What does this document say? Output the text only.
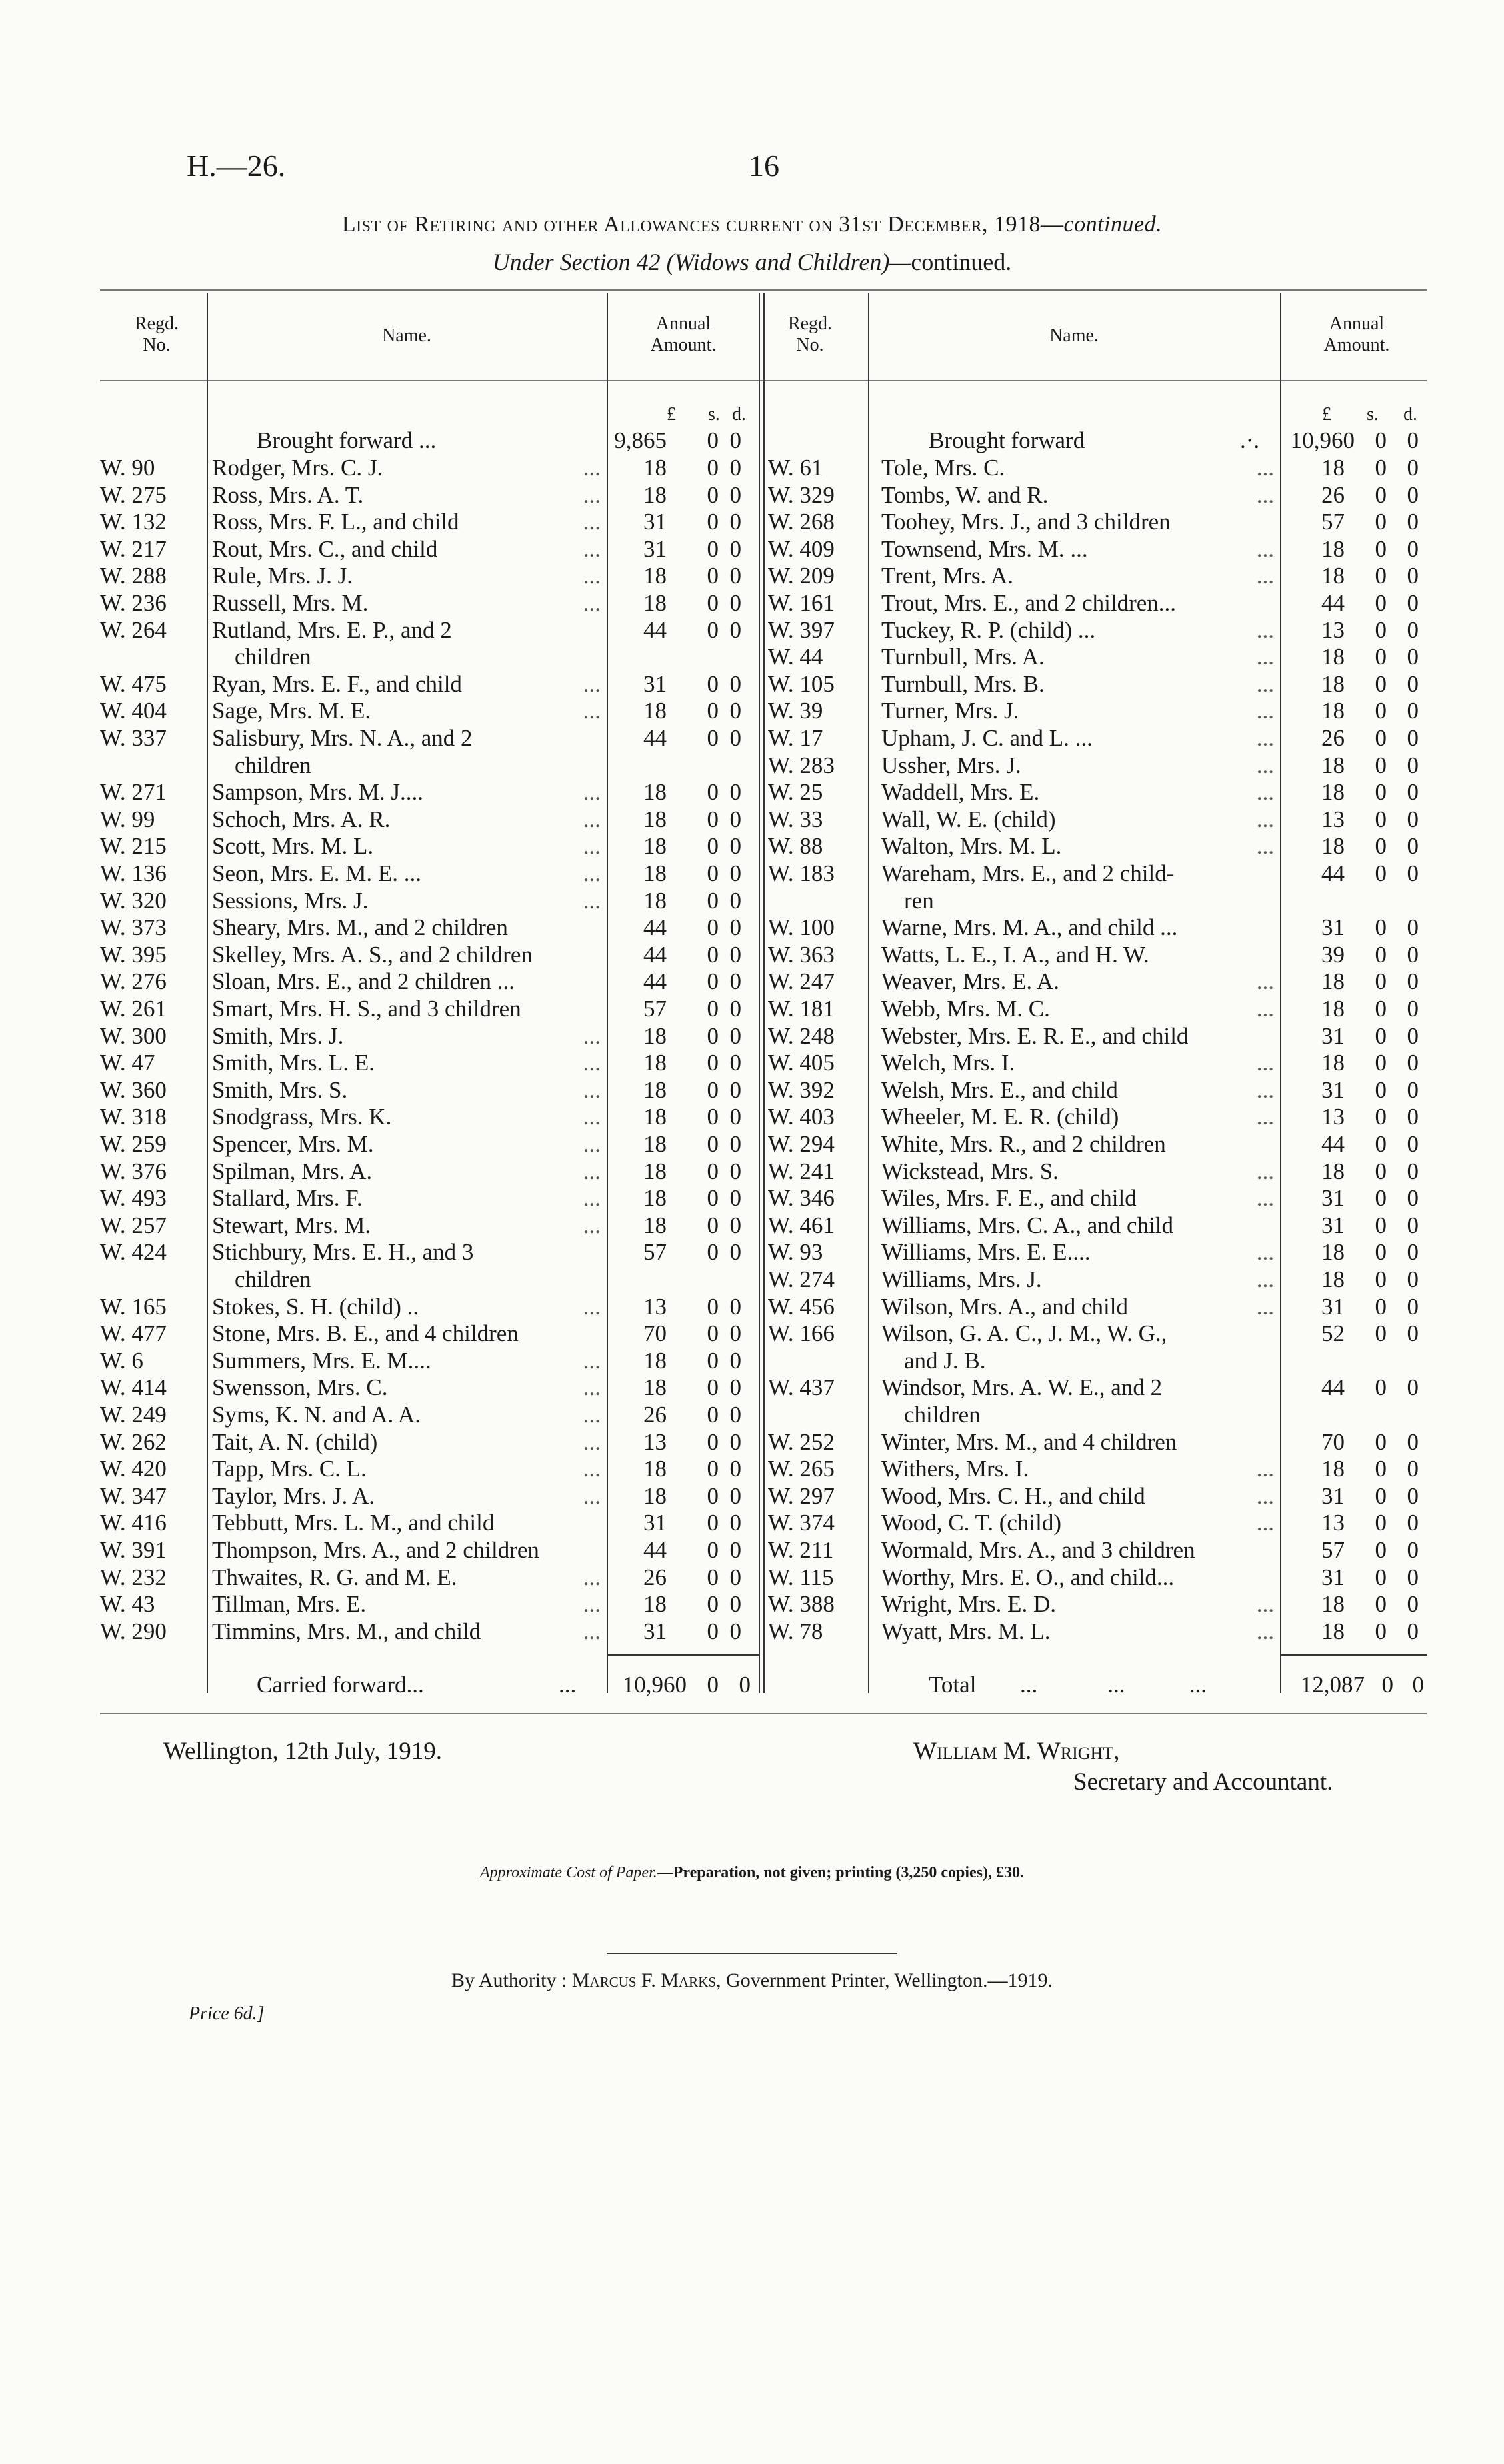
H.—26.	16
List of Retiring and other Allowances current on 31st December, 1918—continued.
Under Section 42 (Widows and Children)—continued.
Regd. No.	Name.
Annual Amount.
Regd. No.	Name.
Annual Amount.
£ s. d.	£ s. d.
Brought forward ...	9,865	0 0	Brought forward	.·.	10,960 0 0
W. 90 Rodger, Mrs. C. J.	...	18	0 0
W. 275 Ross, Mrs. A. T.	...	18	0 0
W. 132 Ross, Mrs. F. L., and child	...	31	0 0
W. 217 Rout, Mrs. C., and child	...	31	0 0
W. 288 Rule, Mrs. J. J.	...	18	0 0
W. 236 Russell, Mrs. M.	...	18	0 0
W. 264 Rutland, Mrs. E. P., and 2	44	0 0
children
W. 475 Ryan, Mrs. E. F., and child	...	31	0 0
W. 404 Sage, Mrs. M. E.	...	18	0 0
W. 337 Salisbury, Mrs. N. A., and 2	44	0 0
children
W. 271 Sampson, Mrs. M. J....	...	18	0 0
W. 99 Schoch, Mrs. A. R.	...	18	0 0
W. 215 Scott, Mrs. M. L.	...	18	0 0
W. 136 Seon, Mrs. E. M. E. ...	...	18	0 0
W. 320 Sessions, Mrs. J.	...	18	0 0
W. 373 Sheary, Mrs. M., and 2 children	44	0 0
W. 395 Skelley, Mrs. A. S., and 2 children	44	0 0
W. 276 Sloan, Mrs. E., and 2 children ...	44	0 0
W. 261 Smart, Mrs. H. S., and 3 children	57	0 0
W. 300 Smith, Mrs. J.	...	18	0 0
W. 47 Smith, Mrs. L. E.	...	18	0 0
W. 360 Smith, Mrs. S.	...	18	0 0
W. 318 Snodgrass, Mrs. K.	...	18	0 0
W. 259 Spencer, Mrs. M.	...	18	0 0
W. 376 Spilman, Mrs. A.	...	18	0 0
W. 493 Stallard, Mrs. F.	...	18	0 0
W. 257 Stewart, Mrs. M.	...	18	0 0
W. 424 Stichbury, Mrs. E. H., and 3	57	0 0
children
W. 165 Stokes, S. H. (child) ..	...	13	0 0
W. 477 Stone, Mrs. B. E., and 4 children	70	0 0
W. 6	Summers, Mrs. E. M....	...	18	0 0
W. 414 Swensson, Mrs. C.	...	18	0 0
W. 249 Syms, K. N. and A. A.	...	26	0 0
W. 262 Tait, A. N. (child)	...	13	0 0
W. 420 Tapp, Mrs. C. L.	...	18	0 0
W. 347 Taylor, Mrs. J. A.	...	18	0 0
W. 416 Tebbutt, Mrs. L. M., and child	31	0 0
W. 391 Thompson, Mrs. A., and 2 children	44	0 0
W. 232 Thwaites, R. G. and M. E.	...	26	0 0
W. 43 Tillman, Mrs. E.	...	18	0 0
W. 290 Timmins, Mrs. M., and child	...	31	0 0
W. 61	Tole, Mrs. C.	...	18	0 0
W. 329 Tombs, W. and R.	...	26	0 0
W. 268 Toohey, Mrs. J., and 3 children	57	0 0
W. 409 Townsend, Mrs. M. ...	...	18	0 0
W. 209 Trent, Mrs. A.	...	18	0 0
W. 161 Trout, Mrs. E., and 2 children...	44	0 0
W. 397 Tuckey, R. P. (child) ...	...	13	0 0
W. 44	Turnbull, Mrs. A.	...	18	0 0
W. 105 Turnbull, Mrs. B.	...	18	0 0
W. 39	Turner, Mrs. J.	...	18	0 0
W. 17	Upham, J. C. and L. ...	...	26	0 0
W. 283 Ussher, Mrs. J.	...	18	0 0
W. 25	Waddell, Mrs. E.	...	18	0 0
W. 33	Wall, W. E. (child)	...	13	0 0
W. 88	Walton, Mrs. M. L.	...	18	0 0
W. 183 Wareham, Mrs. E., and 2 child-	44	0 0
ren
W. 100 Warne, Mrs. M. A., and child ...	31	0 0
W. 363 Watts, L. E., I. A., and H. W.	39	0 0
W. 247 Weaver, Mrs. E. A.	...	18	0 0
W. 181 Webb, Mrs. M. C.	...	18	0 0
W. 248 Webster, Mrs. E. R. E., and child	31	0 0
W. 405 Welch, Mrs. I.	...	18	0 0
W. 392 Welsh, Mrs. E., and child	...	31	0 0
W. 403 Wheeler, M. E. R. (child)	...	13	0 0
W. 294 White, Mrs. R., and 2 children	44	0 0
W. 241 Wickstead, Mrs. S.	...	18	0 0
W. 346 Wiles, Mrs. F. E., and child	...	31	0 0
W. 461 Williams, Mrs. C. A., and child	31	0 0
W. 93	Williams, Mrs. E. E....	...	18	0 0
W. 274 Williams, Mrs. J.	...	18	0 0
W. 456 Wilson, Mrs. A., and child	...	31	0 0
W. 166 Wilson, G. A. C., J. M., W. G.,	52	0 0
and J. B.
W. 437 Windsor, Mrs. A. W. E., and 2	44	0 0
children
W. 252 Winter, Mrs. M., and 4 children	70	0 0
W. 265 Withers, Mrs. I.	...	18	0 0
W. 297 Wood, Mrs. C. H., and child	...	31	0 0
W. 374 Wood, C. T. (child)	...	13	0 0
W. 211 Wormald, Mrs. A., and 3 children	57	0 0
W. 115 Worthy, Mrs. E. O., and child...	31	0 0
W. 388 Wright, Mrs. E. D.	...	18	0 0
W. 78	Wyatt, Mrs. M. L.	...	18	0 0
Carried forward...	...	10,960 0 0	Total ...            ...           ...	12,087 0 0
Wellington, 12th July, 1919.	William M. Wright,
Secretary and Accountant.
Approximate Cost of Paper.—Preparation, not given; printing (3,250 copies), £30.
By Authority : Marcus F. Marks, Government Printer, Wellington.—1919.
Price 6d.]
